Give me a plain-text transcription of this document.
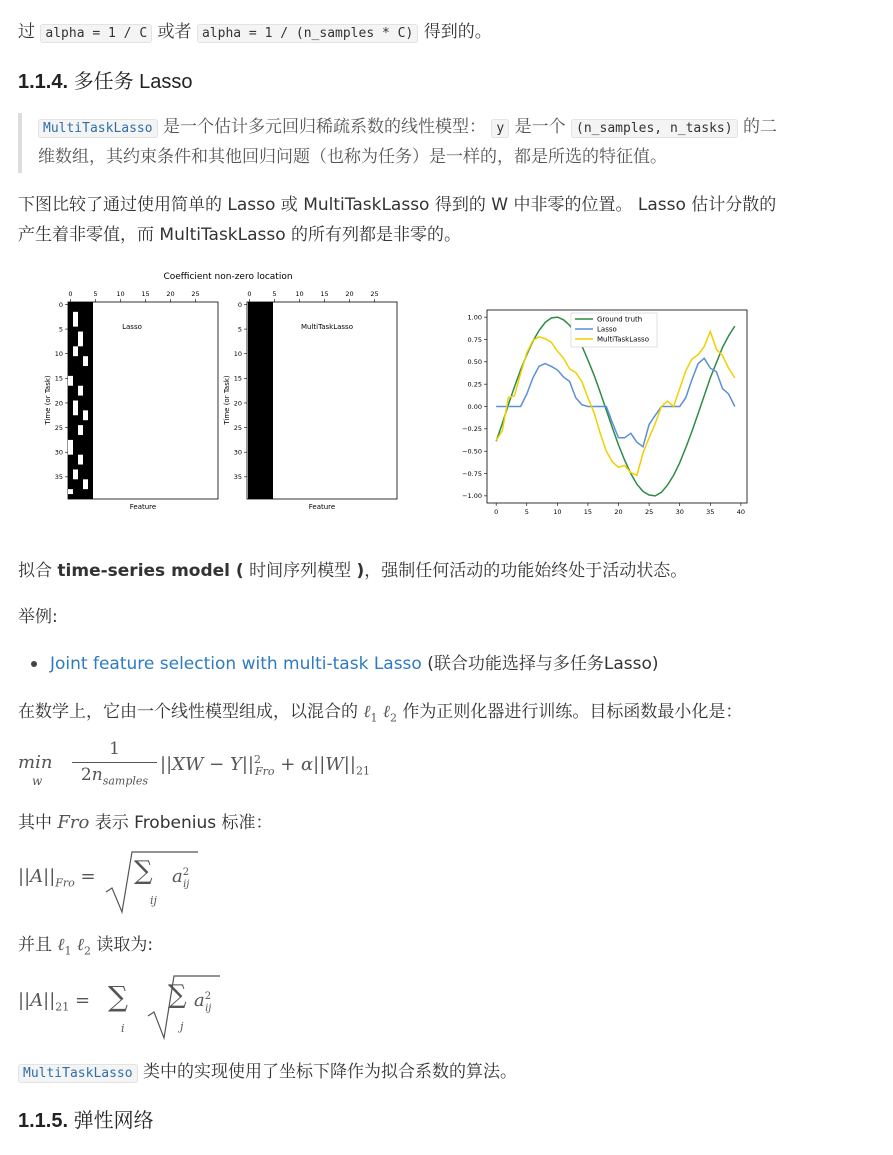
过 alpha = 1 / C 或者 alpha = 1 / (n_samples * C) 得到的。

1.1.4. 多任务 Lasso

MultiTaskLasso 是一个估计多元回归稀疏系数的线性模型： y 是一个 (n_samples, n_tasks) 的二

维数组，其约束条件和其他回归问题（也称为任务）是一样的，都是所选的特征值。

下图比较了通过使用简单的 Lasso 或 MultiTaskLasso 得到的 W 中非零的位置。 Lasso 估计分散的

产生着非零值，而 MultiTaskLasso 的所有列都是非零的。

Coefficient non-zero location
Lasso
Feature
Time (or Task)
0	5	10	15	20	25
0
5
10
15
20
25
30
35
MultiTaskLasso
Feature
Time (or Task)
0	5	10	15	20	25
0
5
10
15
20
25
30
35
0	5	10	15	20	25	30	35	40
1.00
0.75
0.50
0.25
0.00
−0.25
−0.50
−0.75
−1.00
Ground truth
Lasso
MultiTaskLasso

拟合 time-series model ( 时间序列模型 )，强制任何活动的功能始终处于活动状态。

举例:

Joint feature selection with multi-task Lasso (联合功能选择与多任务Lasso)

在数学上，它由一个线性模型组成，以混合的 ℓ$_1$ ℓ$_2$ 作为正则化器进行训练。目标函数最小化是：

min
w
1
$2n_{samples}$
$||XW - Y||^2_{Fro} + \alpha||W||_{21}$

其中 Fro 表示 Frobenius 标准：

$||A||_{Fro}$ = ∑
ij
$a^2_{ij}$

并且 ℓ$_1$ ℓ$_2$ 读取为:

$||A||_{21}$ = ∑
i
∑
j
$a^2_{ij}$

MultiTaskLasso 类中的实现使用了坐标下降作为拟合系数的算法。

1.1.5. 弹性网络
